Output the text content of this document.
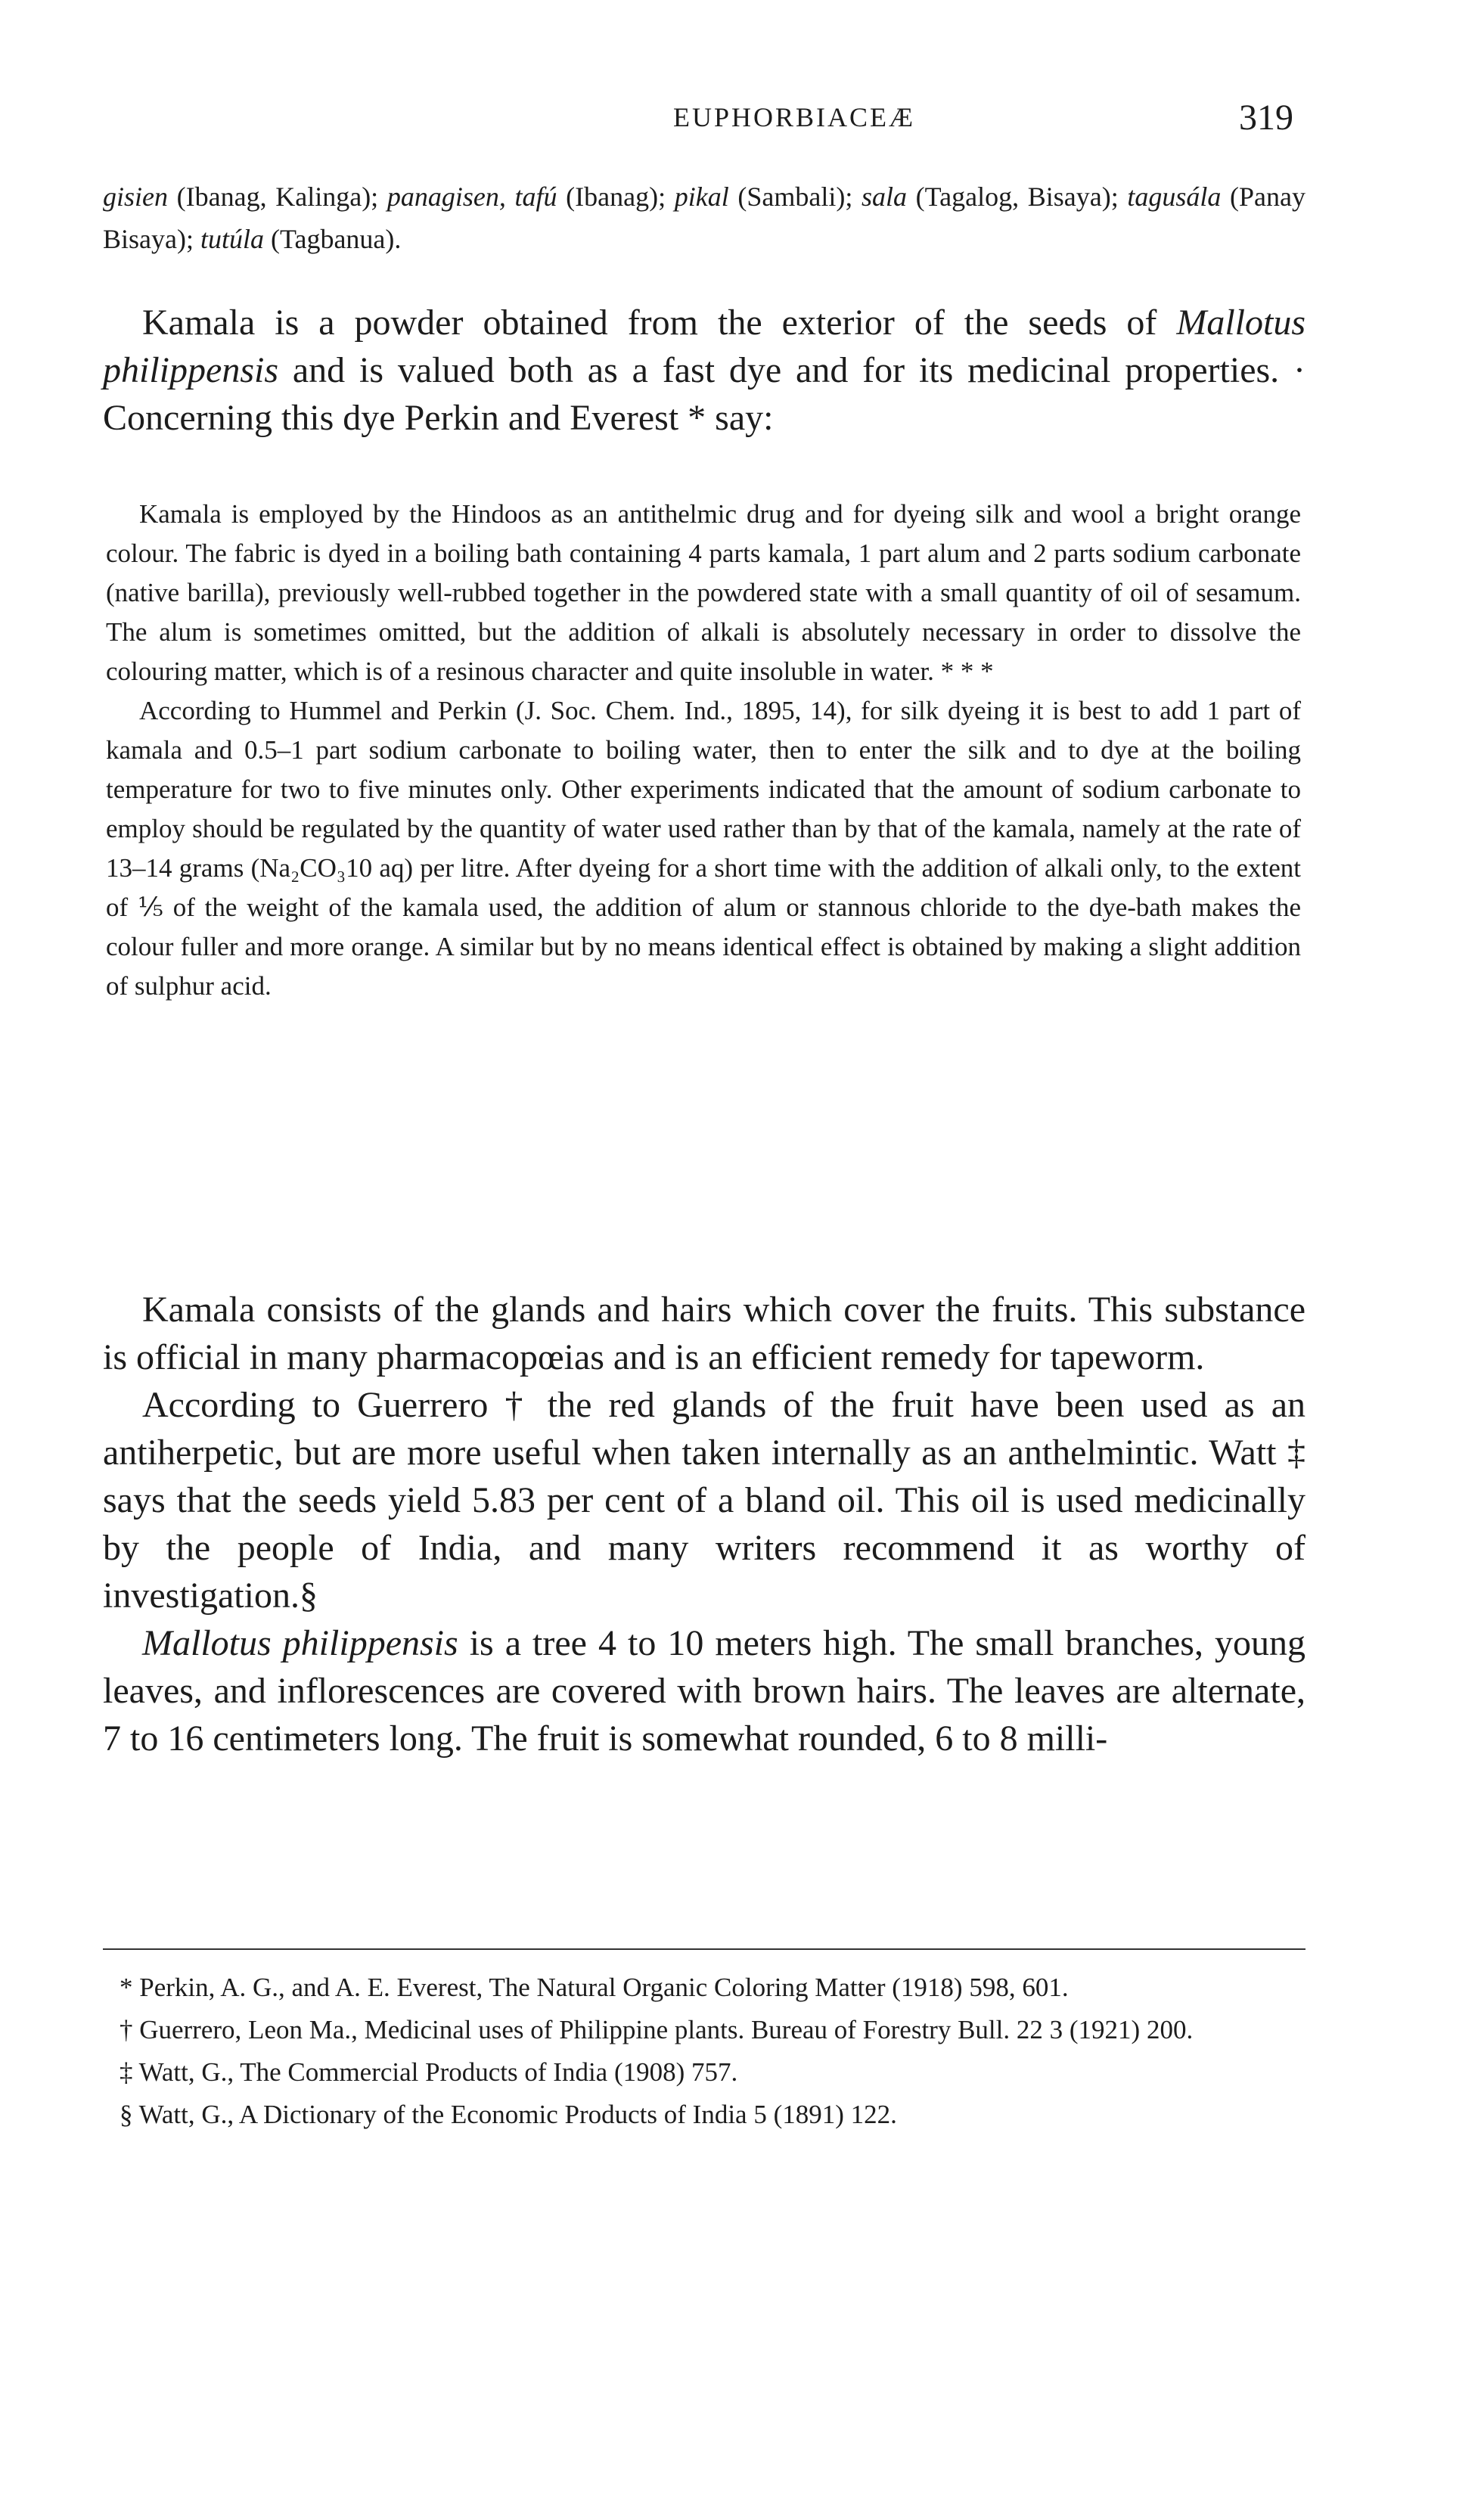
EUPHORBIACEÆ	319

gisien (Ibanag, Kalinga); panagisen, tafú (Ibanag); pikal (Sambali); sala (Tagalog, Bisaya); tagusála (Panay Bisaya); tutúla (Tagbanua).

Kamala is a powder obtained from the exterior of the seeds of Mallotus philippensis and is valued both as a fast dye and for its medicinal properties. · Concerning this dye Perkin and Everest * say:

Kamala is employed by the Hindoos as an antithelmic drug and for dyeing silk and wool a bright orange colour. The fabric is dyed in a boiling bath containing 4 parts kamala, 1 part alum and 2 parts sodium carbonate (native barilla), previously well-rubbed together in the powdered state with a small quantity of oil of sesamum. The alum is sometimes omitted, but the addition of alkali is absolutely necessary in order to dissolve the colouring matter, which is of a resinous character and quite insoluble in water. * * *

According to Hummel and Perkin (J. Soc. Chem. Ind., 1895, 14), for silk dyeing it is best to add 1 part of kamala and 0.5–1 part sodium carbonate to boiling water, then to enter the silk and to dye at the boiling temperature for two to five minutes only. Other experiments indicated that the amount of sodium carbonate to employ should be regulated by the quantity of water used rather than by that of the kamala, namely at the rate of 13–14 grams (Na₂CO₃10 aq) per litre. After dyeing for a short time with the addition of alkali only, to the extent of ⅕ of the weight of the kamala used, the addition of alum or stannous chloride to the dye-bath makes the colour fuller and more orange. A similar but by no means identical effect is obtained by making a slight addition of sulphur acid.

Kamala consists of the glands and hairs which cover the fruits. This substance is official in many pharmacopœias and is an efficient remedy for tapeworm.

According to Guerrero † the red glands of the fruit have been used as an antiherpetic, but are more useful when taken internally as an anthelmintic. Watt ‡ says that the seeds yield 5.83 per cent of a bland oil. This oil is used medicinally by the people of India, and many writers recommend it as worthy of investigation.§

Mallotus philippensis is a tree 4 to 10 meters high. The small branches, young leaves, and inflorescences are covered with brown hairs. The leaves are alternate, 7 to 16 centimeters long. The fruit is somewhat rounded, 6 to 8 milli-

* Perkin, A. G., and A. E. Everest, The Natural Organic Coloring Matter (1918) 598, 601.

† Guerrero, Leon Ma., Medicinal uses of Philippine plants. Bureau of Forestry Bull. 22 3 (1921) 200.

‡ Watt, G., The Commercial Products of India (1908) 757.

§ Watt, G., A Dictionary of the Economic Products of India 5 (1891) 122.
